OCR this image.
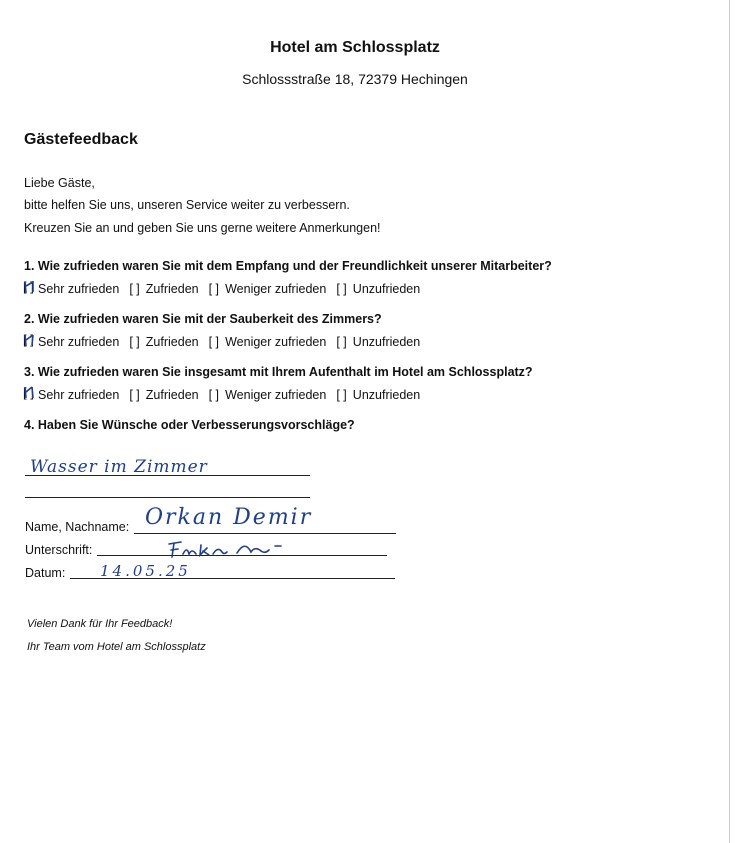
Hotel am Schlossplatz
Schlossstraße 18, 72379 Hechingen
Gästefeedback
Liebe Gäste,
bitte helfen Sie uns, unseren Service weiter zu verbessern.
Kreuzen Sie an und geben Sie uns gerne weitere Anmerkungen!
1. Wie zufrieden waren Sie mit dem Empfang und der Freundlichkeit unserer Mitarbeiter?
[ ] Sehr zufrieden [ ]
Zufrieden [ ]
Weniger zufrieden [ ]
Unzufrieden
2. Wie zufrieden waren Sie mit der Sauberkeit des Zimmers?
[ ] Sehr zufrieden [ ]
Zufrieden [ ]
Weniger zufrieden [ ]
Unzufrieden
3. Wie zufrieden waren Sie insgesamt mit Ihrem Aufenthalt im Hotel am Schlossplatz?
[ ] Sehr zufrieden [ ]
Zufrieden [ ]
Weniger zufrieden [ ]
Unzufrieden
4. Haben Sie Wünsche oder Verbesserungsvorschläge?
Wasser im Zimmer
Name, Nachname: Orkan Demir
Unterschrift:
Datum: 14.05.25
Vielen Dank für Ihr Feedback!
Ihr Team vom Hotel am Schlossplatz
